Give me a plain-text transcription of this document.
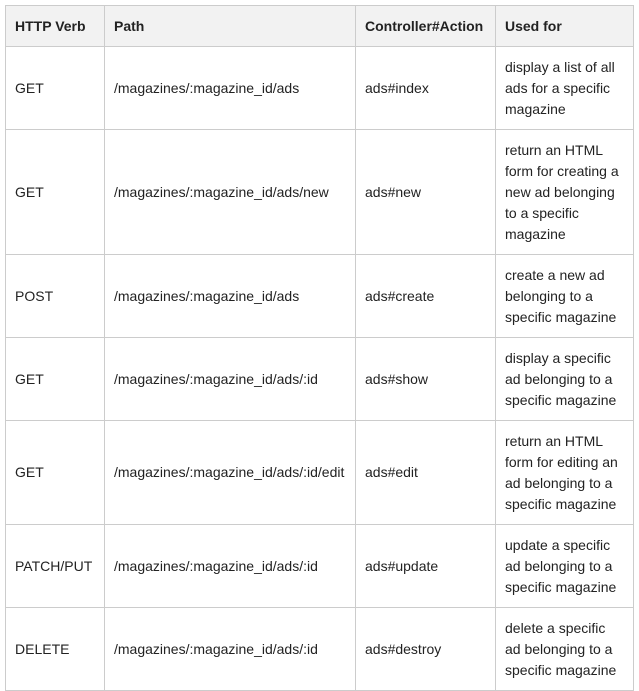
HTTP Verb	Path	Controller#Action	Used for
GET	/magazines/:magazine_id/ads	ads#index	display a list of all ads for a specific magazine
GET	/magazines/:magazine_id/ads/new	ads#new	return an HTML form for creating a new ad belonging to a specific magazine
POST	/magazines/:magazine_id/ads	ads#create	create a new ad belonging to a specific magazine
GET	/magazines/:magazine_id/ads/:id	ads#show	display a specific ad belonging to a specific magazine
GET	/magazines/:magazine_id/ads/:id/edit	ads#edit	return an HTML form for editing an ad belonging to a specific magazine
PATCH/PUT	/magazines/:magazine_id/ads/:id	ads#update	update a specific ad belonging to a specific magazine
DELETE	/magazines/:magazine_id/ads/:id	ads#destroy	delete a specific ad belonging to a specific magazine
